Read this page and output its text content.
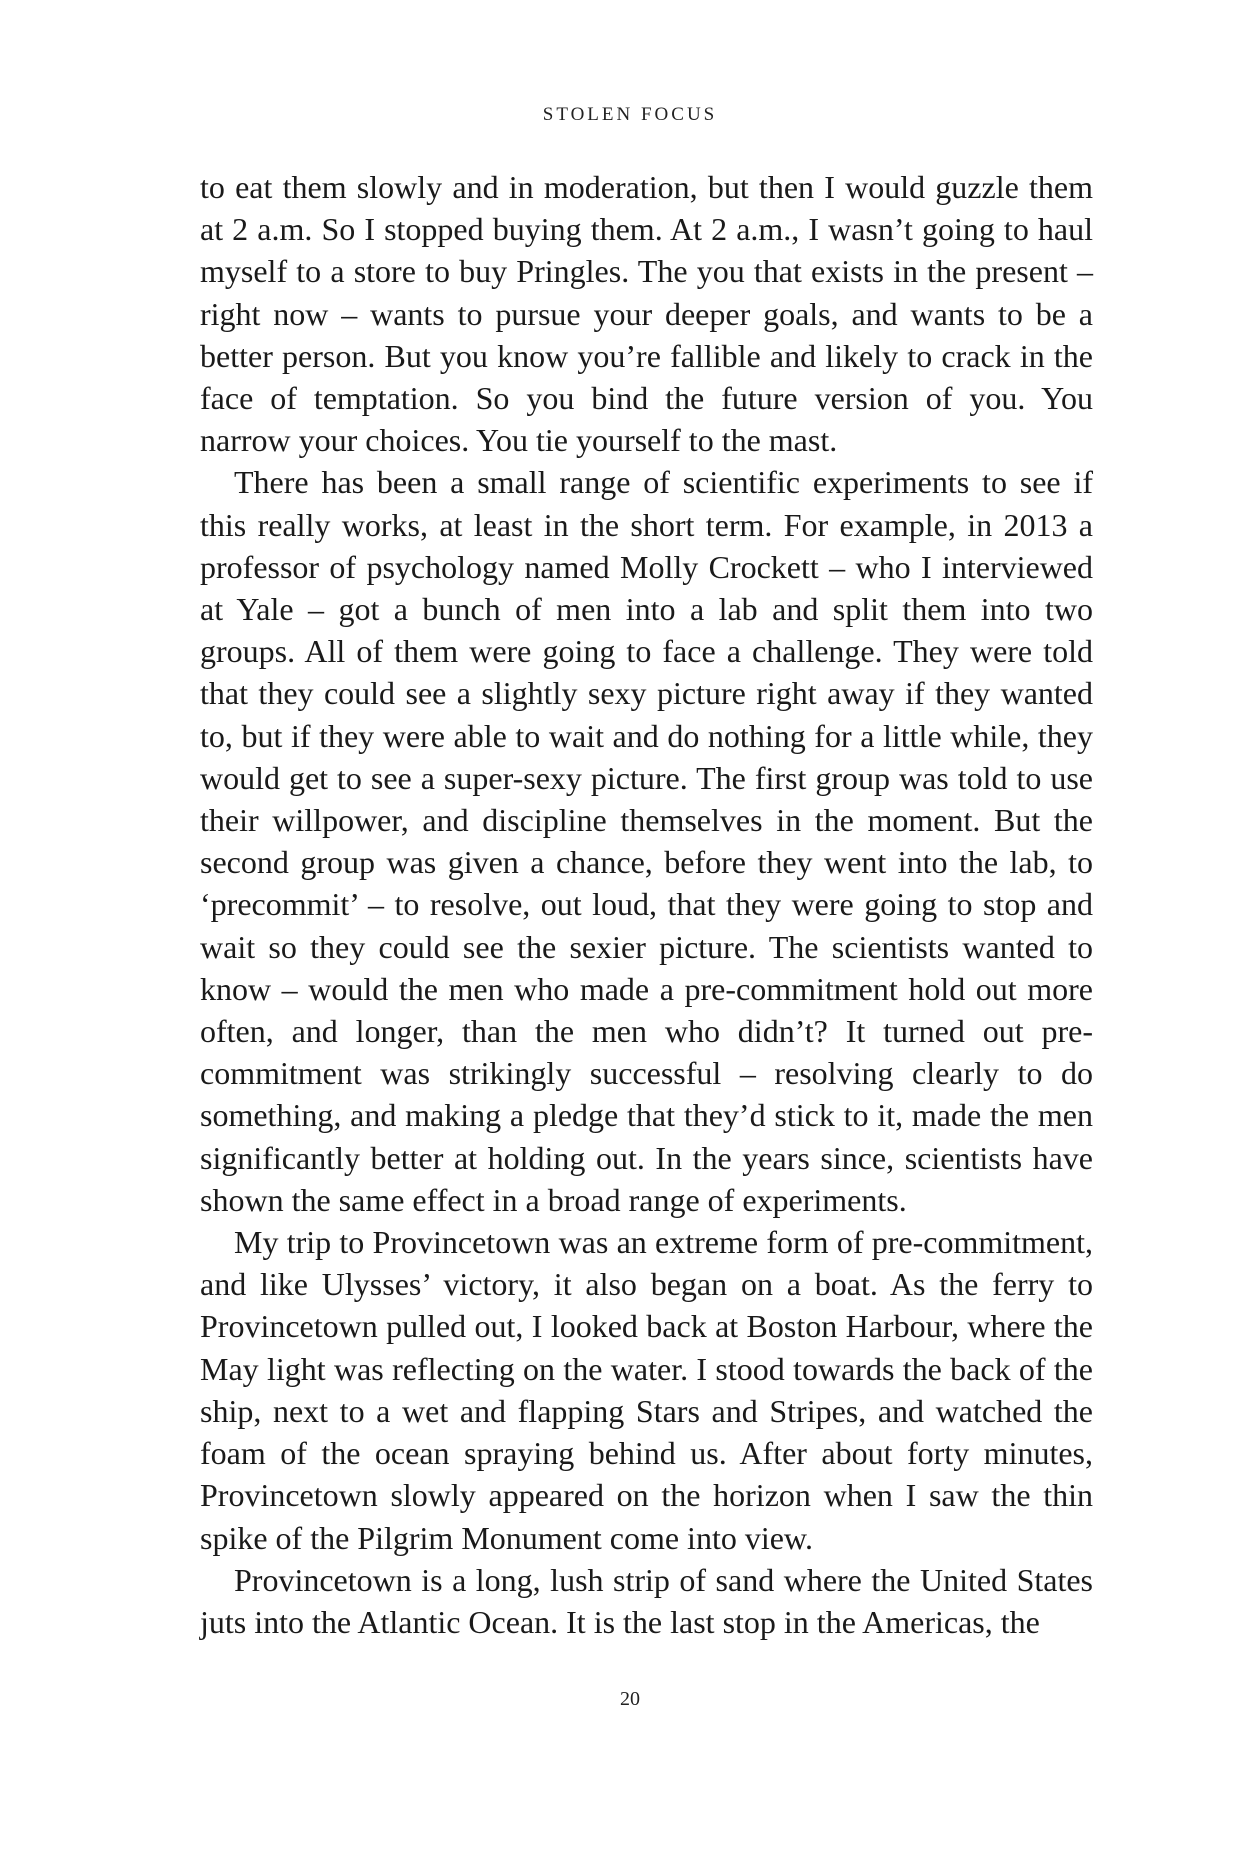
STOLEN FOCUS

to eat them slowly and in moderation, but then I would guzzle them at 2 a.m. So I stopped buying them. At 2 a.m., I wasn’t going to haul myself to a store to buy Pringles. The you that exists in the present – right now – wants to pursue your deeper goals, and wants to be a better person. But you know you’re fallible and likely to crack in the face of temptation. So you bind the future version of you. You narrow your choices. You tie yourself to the mast.

There has been a small range of scientific experiments to see if this really works, at least in the short term. For example, in 2013 a professor of psychology named Molly Crockett – who I interviewed at Yale – got a bunch of men into a lab and split them into two groups. All of them were going to face a challenge. They were told that they could see a slightly sexy picture right away if they wanted to, but if they were able to wait and do nothing for a little while, they would get to see a super-sexy picture. The first group was told to use their willpower, and discipline themselves in the moment. But the second group was given a chance, before they went into the lab, to ‘precommit’ – to resolve, out loud, that they were going to stop and wait so they could see the sexier picture. The scientists wanted to know – would the men who made a pre-commitment hold out more often, and longer, than the men who didn’t? It turned out pre-commitment was strikingly successful – resolving clearly to do something, and making a pledge that they’d stick to it, made the men significantly better at holding out. In the years since, scientists have shown the same effect in a broad range of experiments.

My trip to Provincetown was an extreme form of pre-commitment, and like Ulysses’ victory, it also began on a boat. As the ferry to Provincetown pulled out, I looked back at Boston Harbour, where the May light was reflecting on the water. I stood towards the back of the ship, next to a wet and flapping Stars and Stripes, and watched the foam of the ocean spraying behind us. After about forty minutes, Provincetown slowly appeared on the horizon when I saw the thin spike of the Pilgrim Monument come into view.

Provincetown is a long, lush strip of sand where the United States juts into the Atlantic Ocean. It is the last stop in the Americas, the

20
